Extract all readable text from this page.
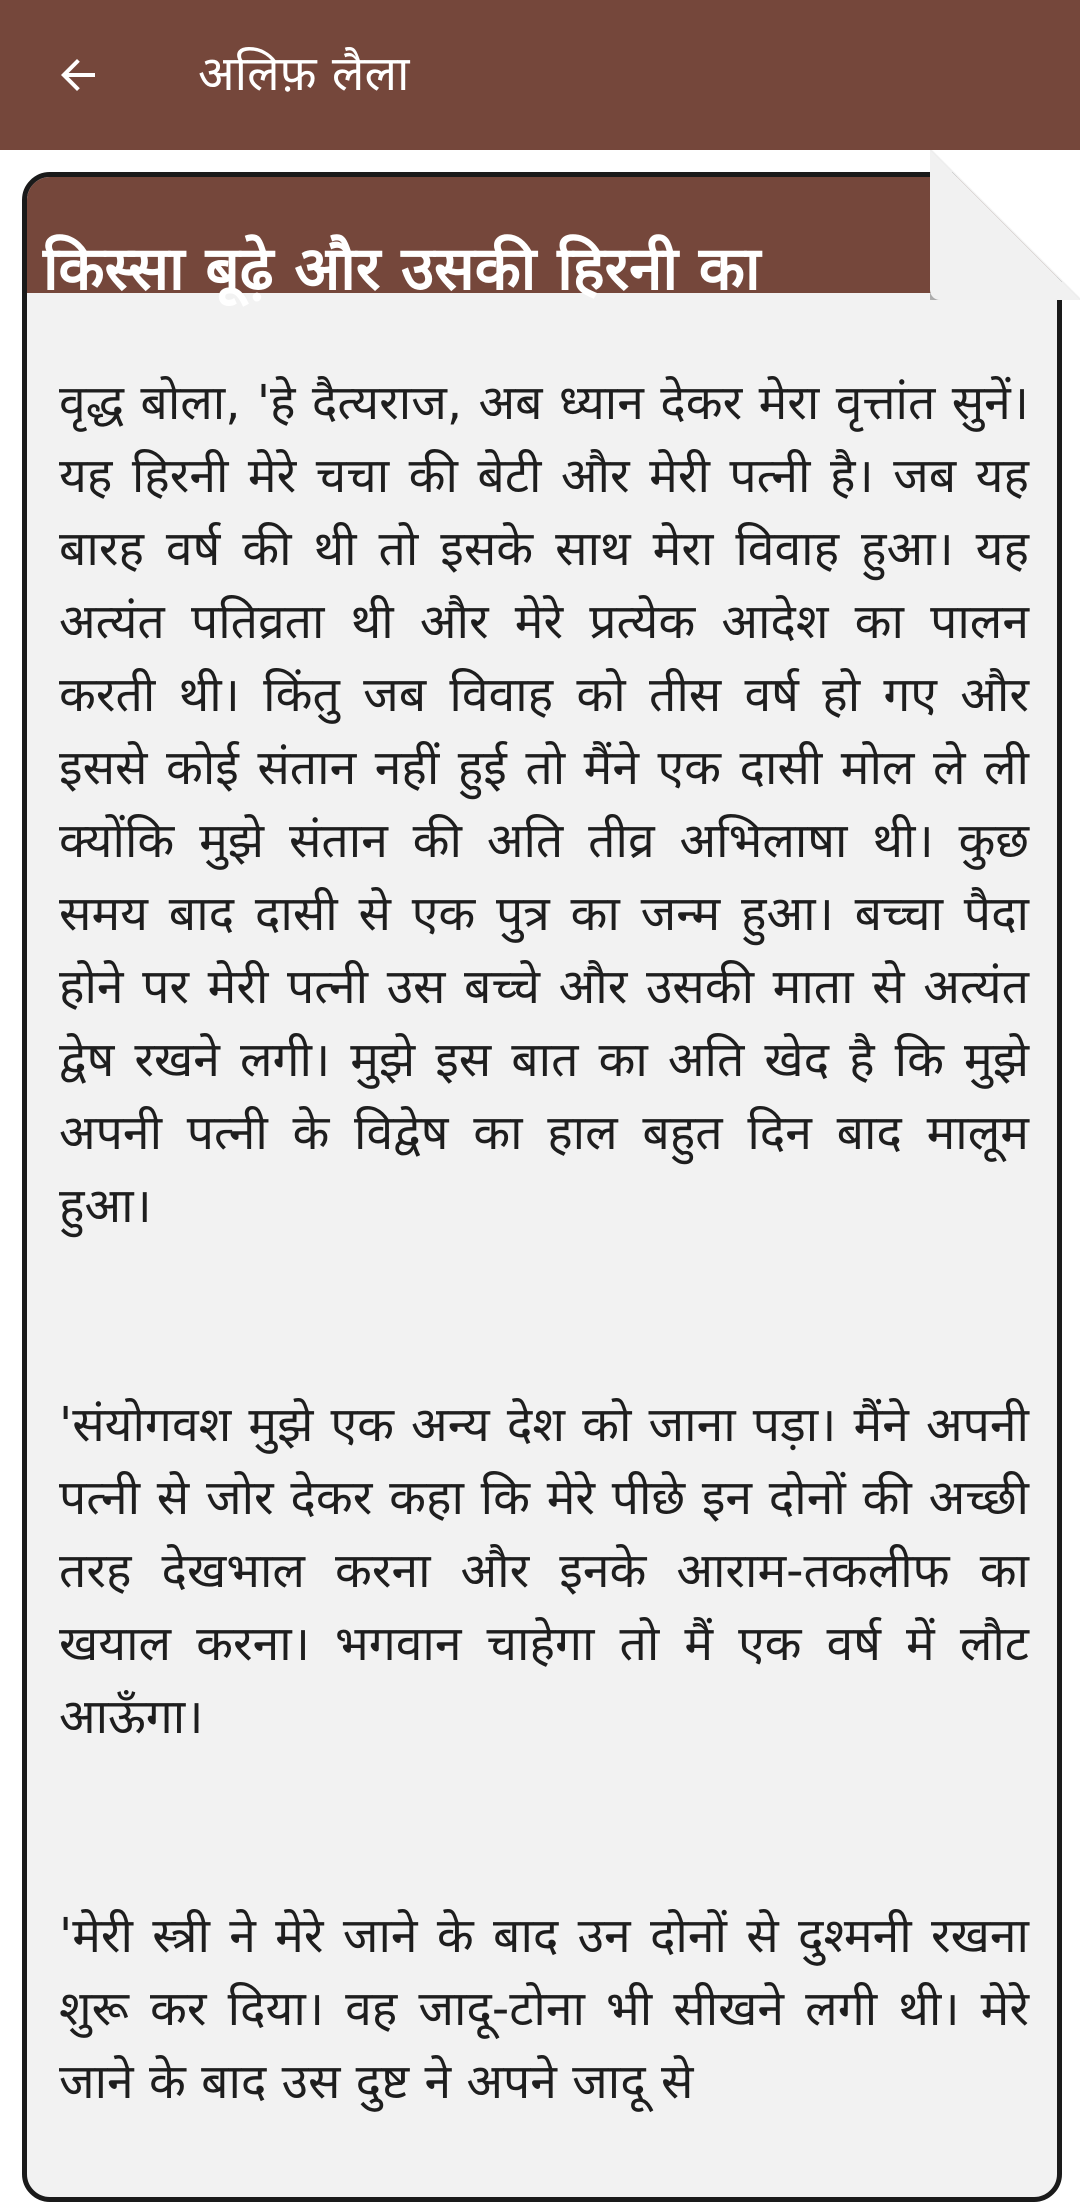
अलिफ़ लैला
किस्सा बूढ़े और उसकी हिरनी का

वृद्ध बोला, 'हे दैत्यराज, अब ध्यान देकर मेरा वृत्तांत सुनें। यह हिरनी मेरे चचा की बेटी और मेरी पत्नी है। जब यह बारह वर्ष की थी तो इसके साथ मेरा विवाह हुआ। यह अत्यंत पतिव्रता थी और मेरे प्रत्येक आदेश का पालन करती थी। किंतु जब विवाह को तीस वर्ष हो गए और इससे कोई संतान नहीं हुई तो मैंने एक दासी मोल ले ली क्योंकि मुझे संतान की अति तीव्र अभिलाषा थी। कुछ समय बाद दासी से एक पुत्र का जन्म हुआ। बच्चा पैदा होने पर मेरी पत्नी उस बच्चे और उसकी माता से अत्यंत द्वेष रखने लगी। मुझे इस बात का अति खेद है कि मुझे अपनी पत्नी के विद्वेष का हाल बहुत दिन बाद मालूम हुआ।

'संयोगवश मुझे एक अन्य देश को जाना पड़ा। मैंने अपनी पत्नी से जोर देकर कहा कि मेरे पीछे इन दोनों की अच्छी तरह देखभाल करना और इनके आराम-तकलीफ का खयाल करना। भगवान चाहेगा तो मैं एक वर्ष में लौट आऊँगा।

'मेरी स्त्री ने मेरे जाने के बाद उन दोनों से दुश्मनी रखना शुरू कर दिया। वह जादू-टोना भी सीखने लगी थी। मेरे जाने के बाद उस दुष्ट ने अपने जादू से
